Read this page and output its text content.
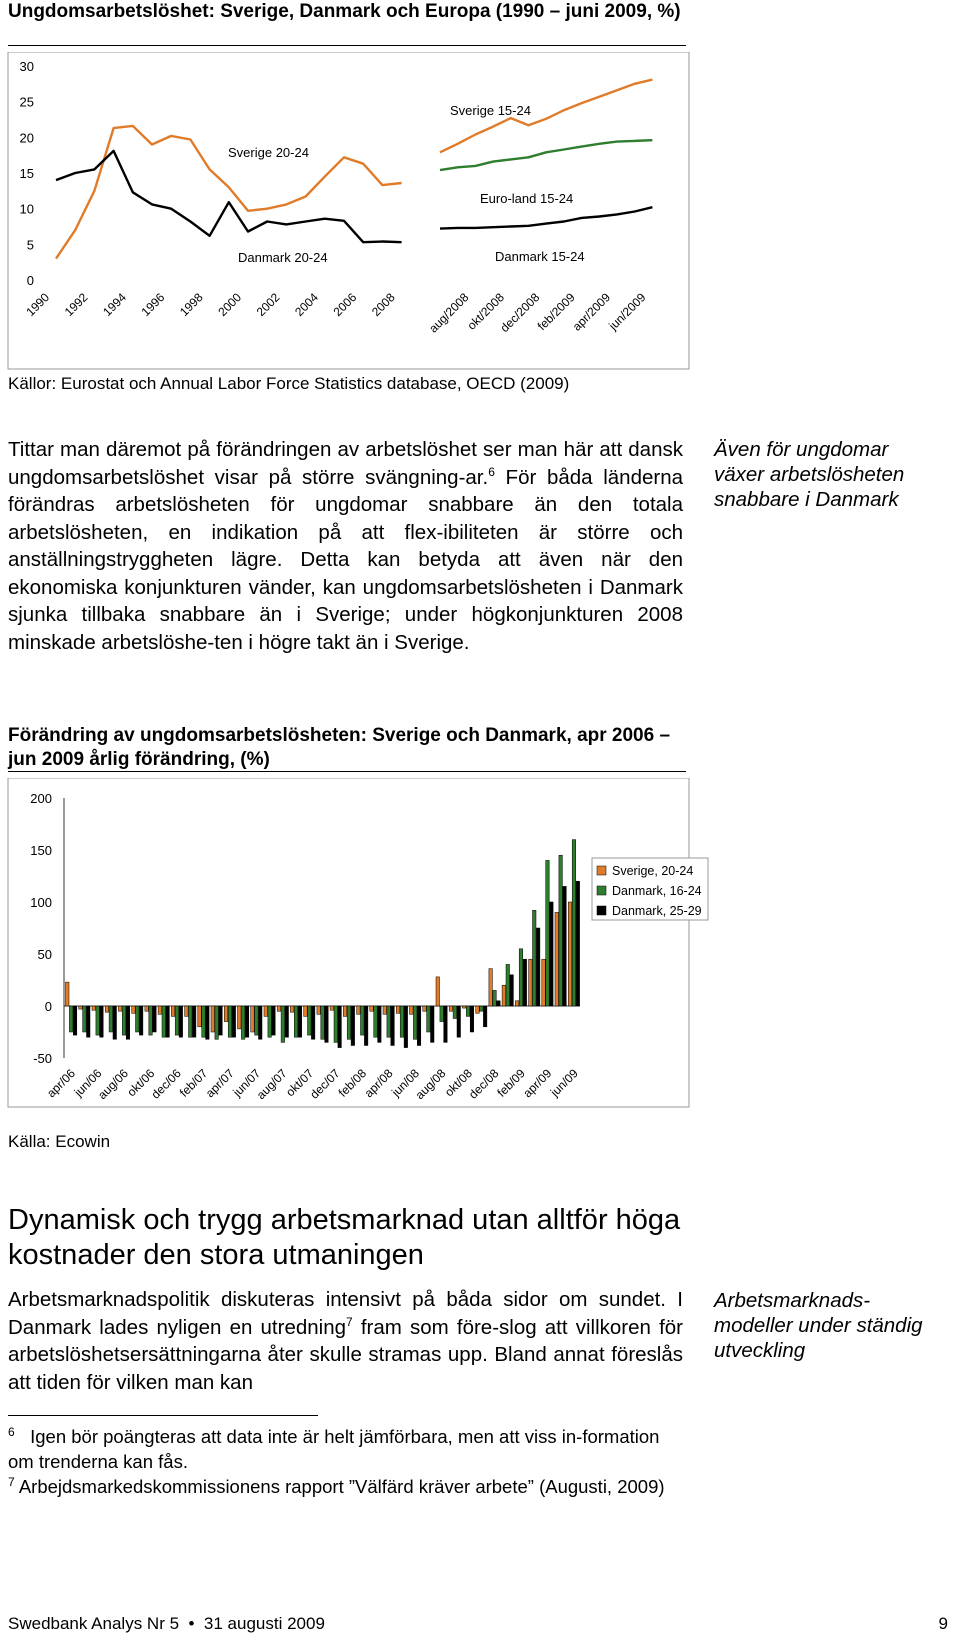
Ungdomsarbetslöshet: Sverige, Danmark och Europa (1990 – juni 2009, %)
0
5
10
15
20
25
30
1990 1992 1994 1996 1998 2000 2002 2004 2006 2008 aug/2008
okt/2008
dec/2008
feb/2009
apr/2009
jun/2009
Sverige 20-24
Danmark 20-24
Sverige 15-24
Euro-land 15-24
Danmark 15-24
Källor: Eurostat och Annual Labor Force Statistics database, OECD (2009)

Tittar man däremot på förändringen av arbetslöshet ser man här att dansk ungdomsarbetslöshet visar på större svängning-ar.$^6$ För båda länderna förändras arbetslösheten för ungdomar snabbare än den totala arbetslösheten, en indikation på att flex-ibiliteten är större och anställningstryggheten lägre. Detta kan betyda att även när den ekonomiska konjunkturen vänder, kan ungdomsarbetslösheten i Danmark sjunka tillbaka snabbare än i Sverige; under högkonjunkturen 2008 minskade arbetslöshe-ten i högre takt än i Sverige.

Även för ungdomar växer arbetslösheten snabbare i Danmark
Förändring av ungdomsarbetslösheten: Sverige och Danmark, apr 2006 – jun 2009 årlig förändring, (%)
-50
0
50
100
150
200
apr/06
jun/06
aug/06
okt/06
dec/06
feb/07
apr/07
jun/07
aug/07
okt/07
dec/07
feb/08
apr/08
jun/08
aug/08
okt/08
dec/08
feb/09
apr/09
jun/09
Sverige, 20-24
Danmark, 16-24
Danmark, 25-29
Källa: Ecowin
Dynamisk och trygg arbetsmarknad utan alltför höga kostnader den stora utmaningen

Arbetsmarknadspolitik diskuteras intensivt på båda sidor om sundet. I Danmark lades nyligen en utredning$^7$ fram som före-slog att villkoren för arbetslöshetsersättningarna åter skulle stramas upp. Bland annat föreslås att tiden för vilken man kan

Arbetsmarknads-modeller under ständig utveckling

$^6$ Igen bör poängteras att data inte är helt jämförbara, men att viss in-formation om trenderna kan fås.

$^7$ Arbejdsmarkedskommissionens rapport ”Välfärd kräver arbete” (Augusti, 2009)

Swedbank Analys Nr 5 • 31 augusti 2009	9
